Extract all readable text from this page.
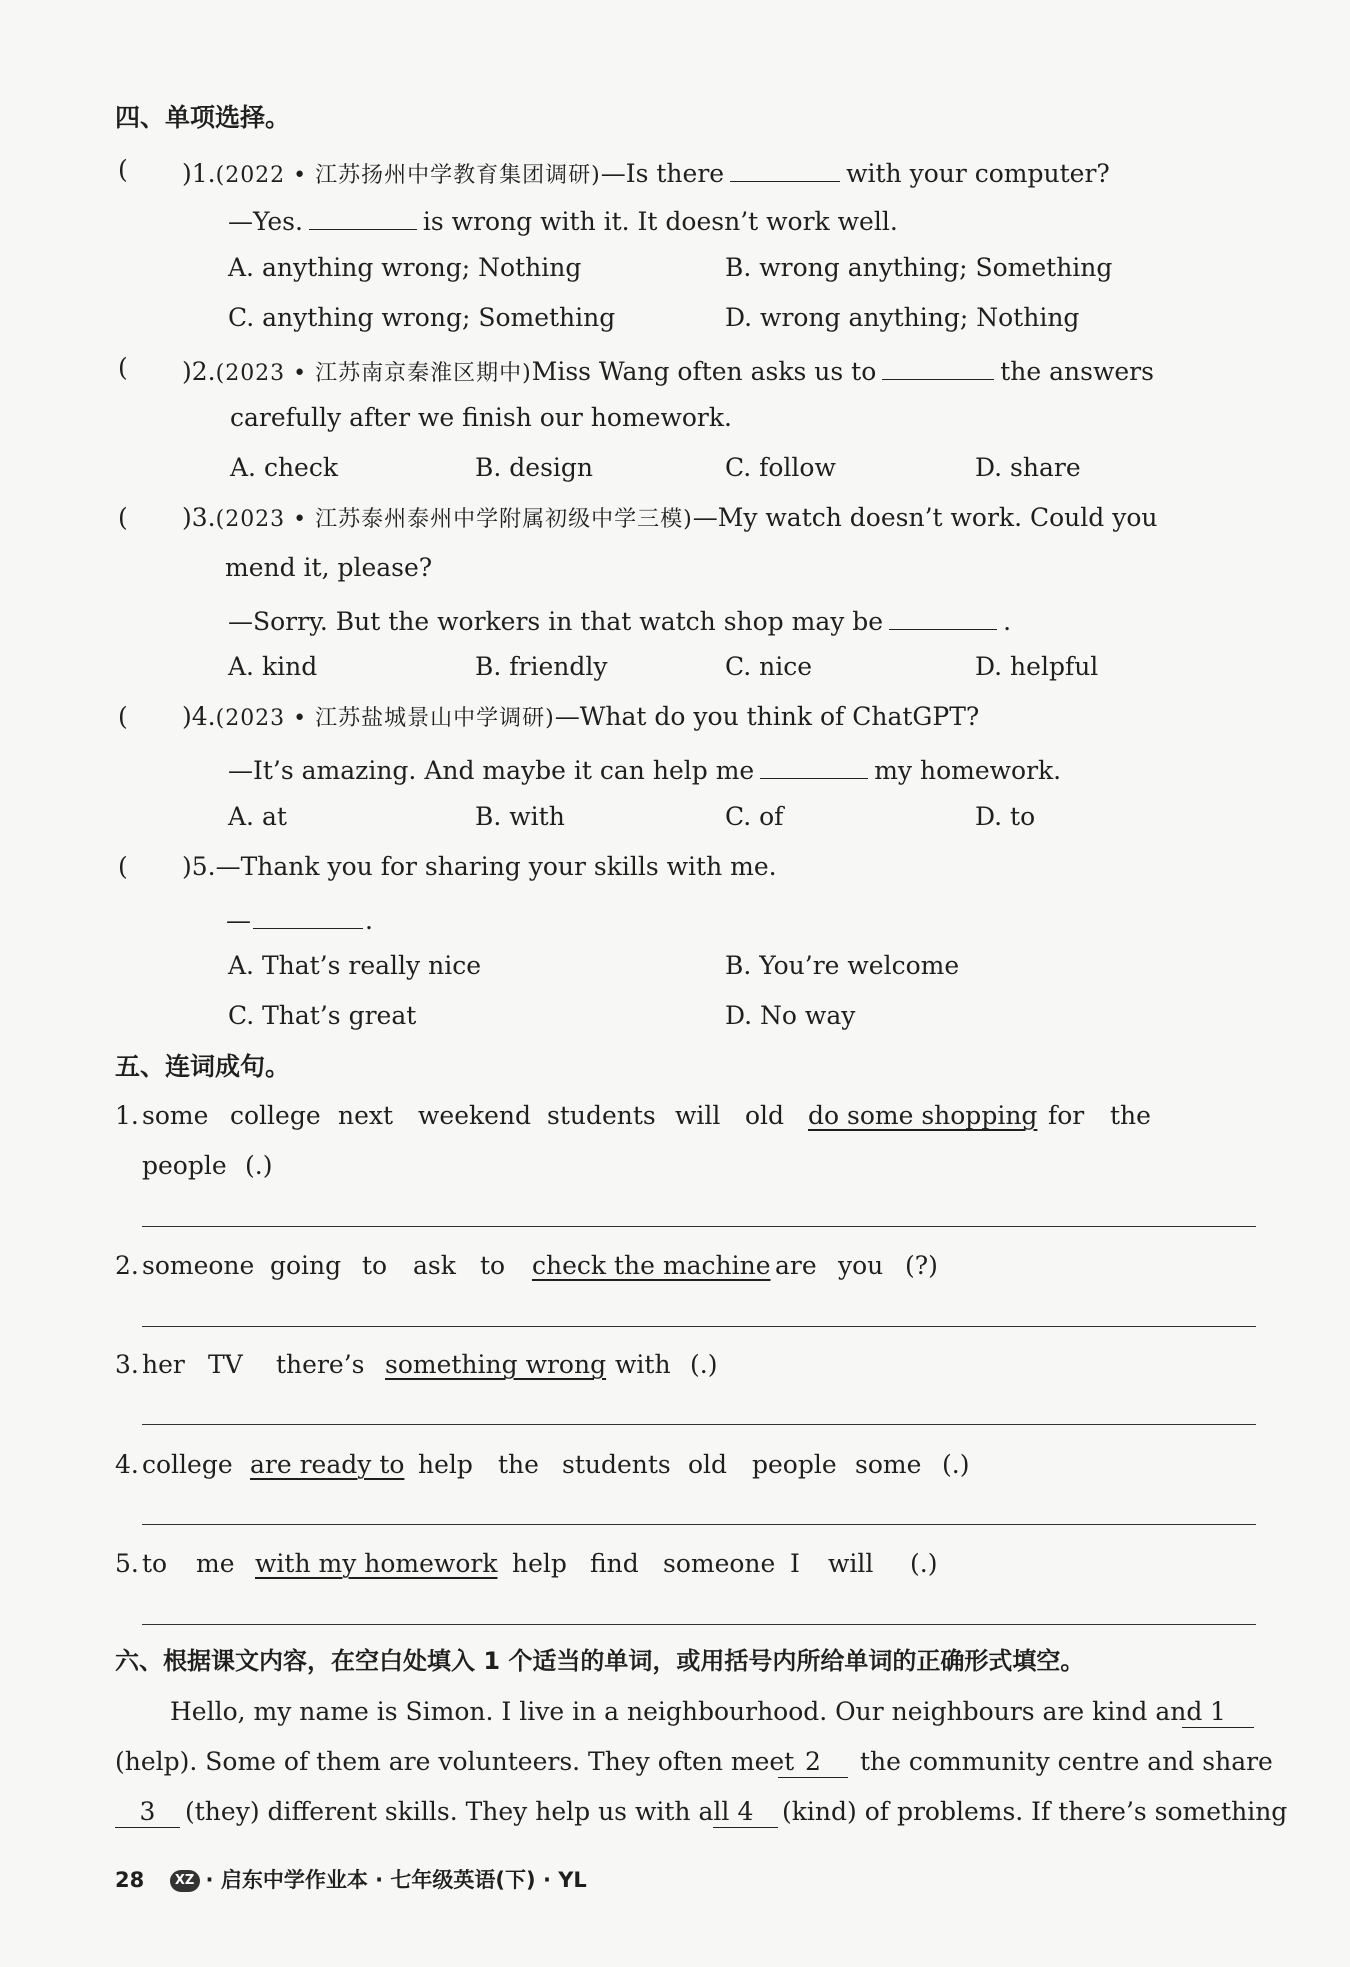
四、单项选择。
( )1.(2022 • 江苏扬州中学教育集团调研)—Is there	with your computer?
—Yes.	is wrong with it. It doesn’t work well.
A. anything wrong; Nothing	B. wrong anything; Something
C. anything wrong; Something	D. wrong anything; Nothing
( )2.(2023 • 江苏南京秦淮区期中)Miss Wang often asks us to	the answers
carefully after we finish our homework.
A. check	B. design	C. follow	D. share
( )3.(2023 • 江苏泰州泰州中学附属初级中学三模)—My watch doesn’t work. Could you
mend it, please?
—Sorry. But the workers in that watch shop may be	.
A. kind	B. friendly	C. nice	D. helpful
( )4.(2023 • 江苏盐城景山中学调研)—What do you think of ChatGPT?
—It’s amazing. And maybe it can help me	my homework.
A. at	B. with	C. of	D. to
( )5.—Thank you for sharing your skills with me.
—	.
A. That’s really nice	B. You’re welcome
C. That’s great	D. No way
五、连词成句。
1. some college next weekend students will old do some shopping for the
people (.)
2. someone going to ask to check the machine are you (?)
3. her TV there’s something wrong with (.)
4. college are ready to help the students old people some (.)
5. to me with my homework help find someone I will (.)
六、根据课文内容，在空白处填入 1 个适当的单词，或用括号内所给单词的正确形式填空。
Hello, my name is Simon. I live in a neighbourhood. Our neighbours are kind and 1
(help). Some of them are volunteers. They often meet 2	the community centre and share
3	(they) different skills. They help us with all 4	(kind) of problems. If there’s something
28 XZ · 启东中学作业本 · 七年级英语(下) · YL
